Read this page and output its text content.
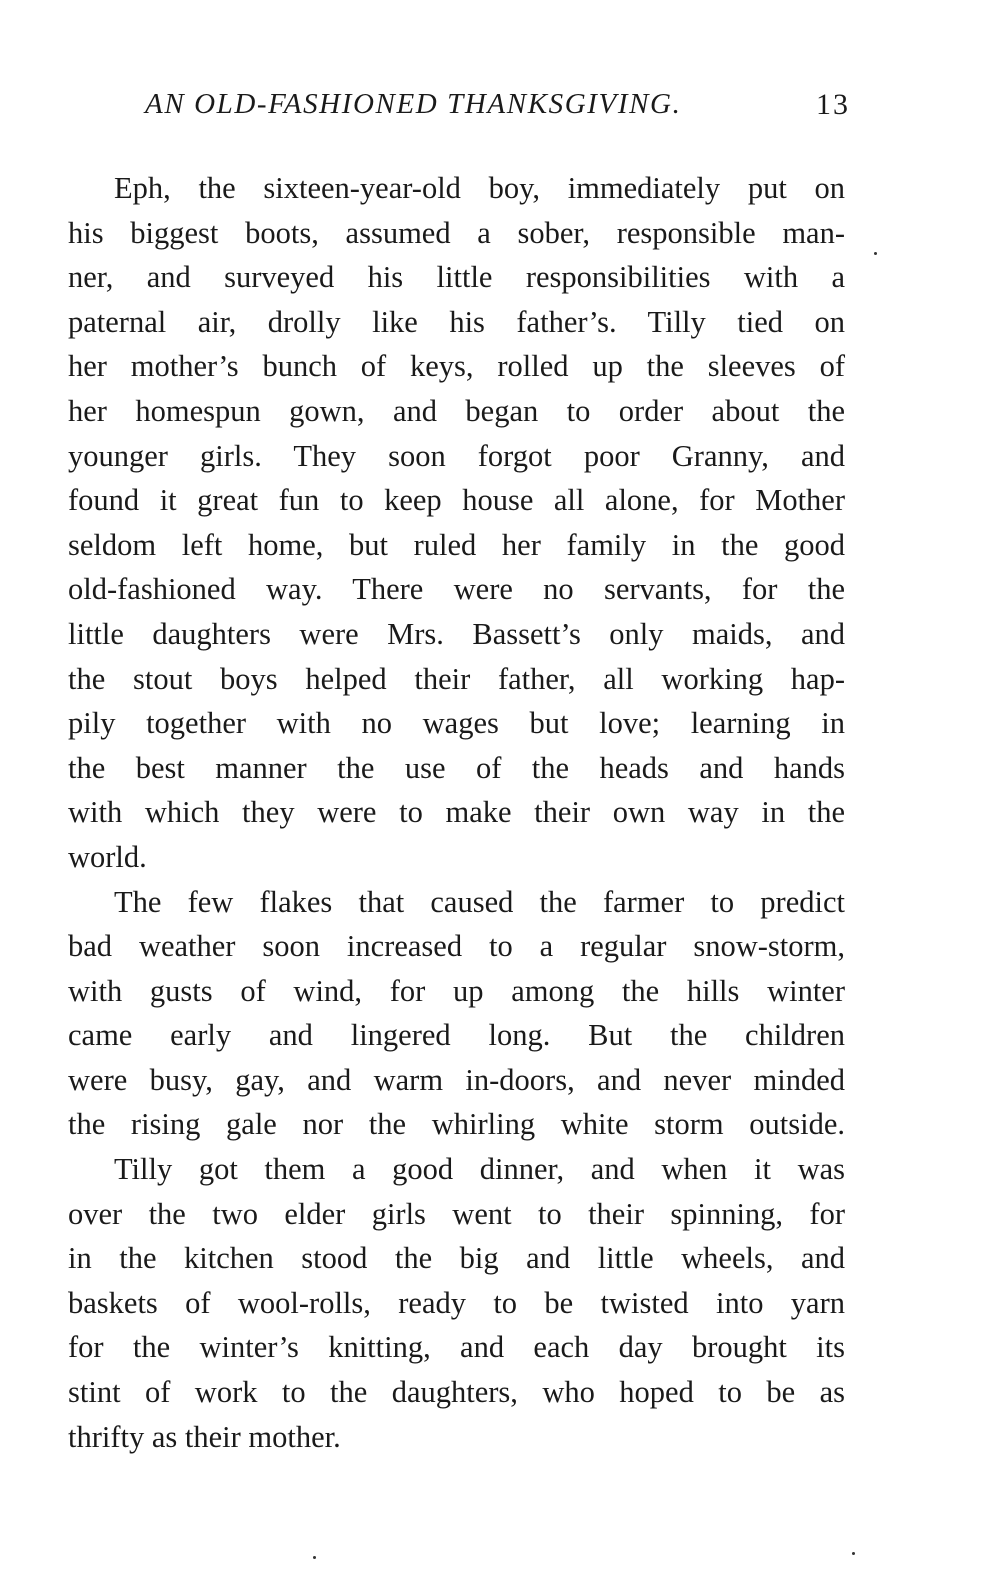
AN OLD-FASHIONED THANKSGIVING.	13
Eph, the sixteen-year-old boy, immediately put on
his biggest boots, assumed a sober, responsible man-
ner, and surveyed his little responsibilities with a
paternal air, drolly like his father’s. Tilly tied on
her mother’s bunch of keys, rolled up the sleeves of
her homespun gown, and began to order about the
younger girls. They soon forgot poor Granny, and
found it great fun to keep house all alone, for Mother
seldom left home, but ruled her family in the good
old-fashioned way. There were no servants, for the
little daughters were Mrs. Bassett’s only maids, and
the stout boys helped their father, all working hap-
pily together with no wages but love; learning in
the best manner the use of the heads and hands
with which they were to make their own way in the
world.
The few flakes that caused the farmer to predict
bad weather soon increased to a regular snow-storm,
with gusts of wind, for up among the hills winter
came early and lingered long. But the children
were busy, gay, and warm in-doors, and never minded
the rising gale nor the whirling white storm outside.
Tilly got them a good dinner, and when it was
over the two elder girls went to their spinning, for
in the kitchen stood the big and little wheels, and
baskets of wool-rolls, ready to be twisted into yarn
for the winter’s knitting, and each day brought its
stint of work to the daughters, who hoped to be as
thrifty as their mother.
